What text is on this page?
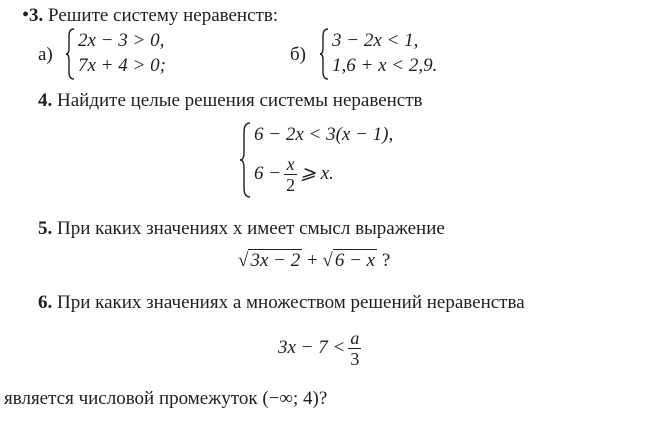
•3. Решите систему неравенств:
а)
2x − 3 > 0,
7x + 4 > 0;
б)
3 − 2x < 1,
1,6 + x < 2,9.
4. Найдите целые решения системы неравенств
6 − 2x < 3(x − 1),
$6 - \frac{x}{2}$ ⩾ x.
5. При каких значениях x имеет смысл выражение
√ 3x − 2 + √ 6 − x ?
6. При каких значениях a множеством решений неравенства
$3x - 7 < \frac{a}{3}$
является числовой промежуток (−∞; 4)?
